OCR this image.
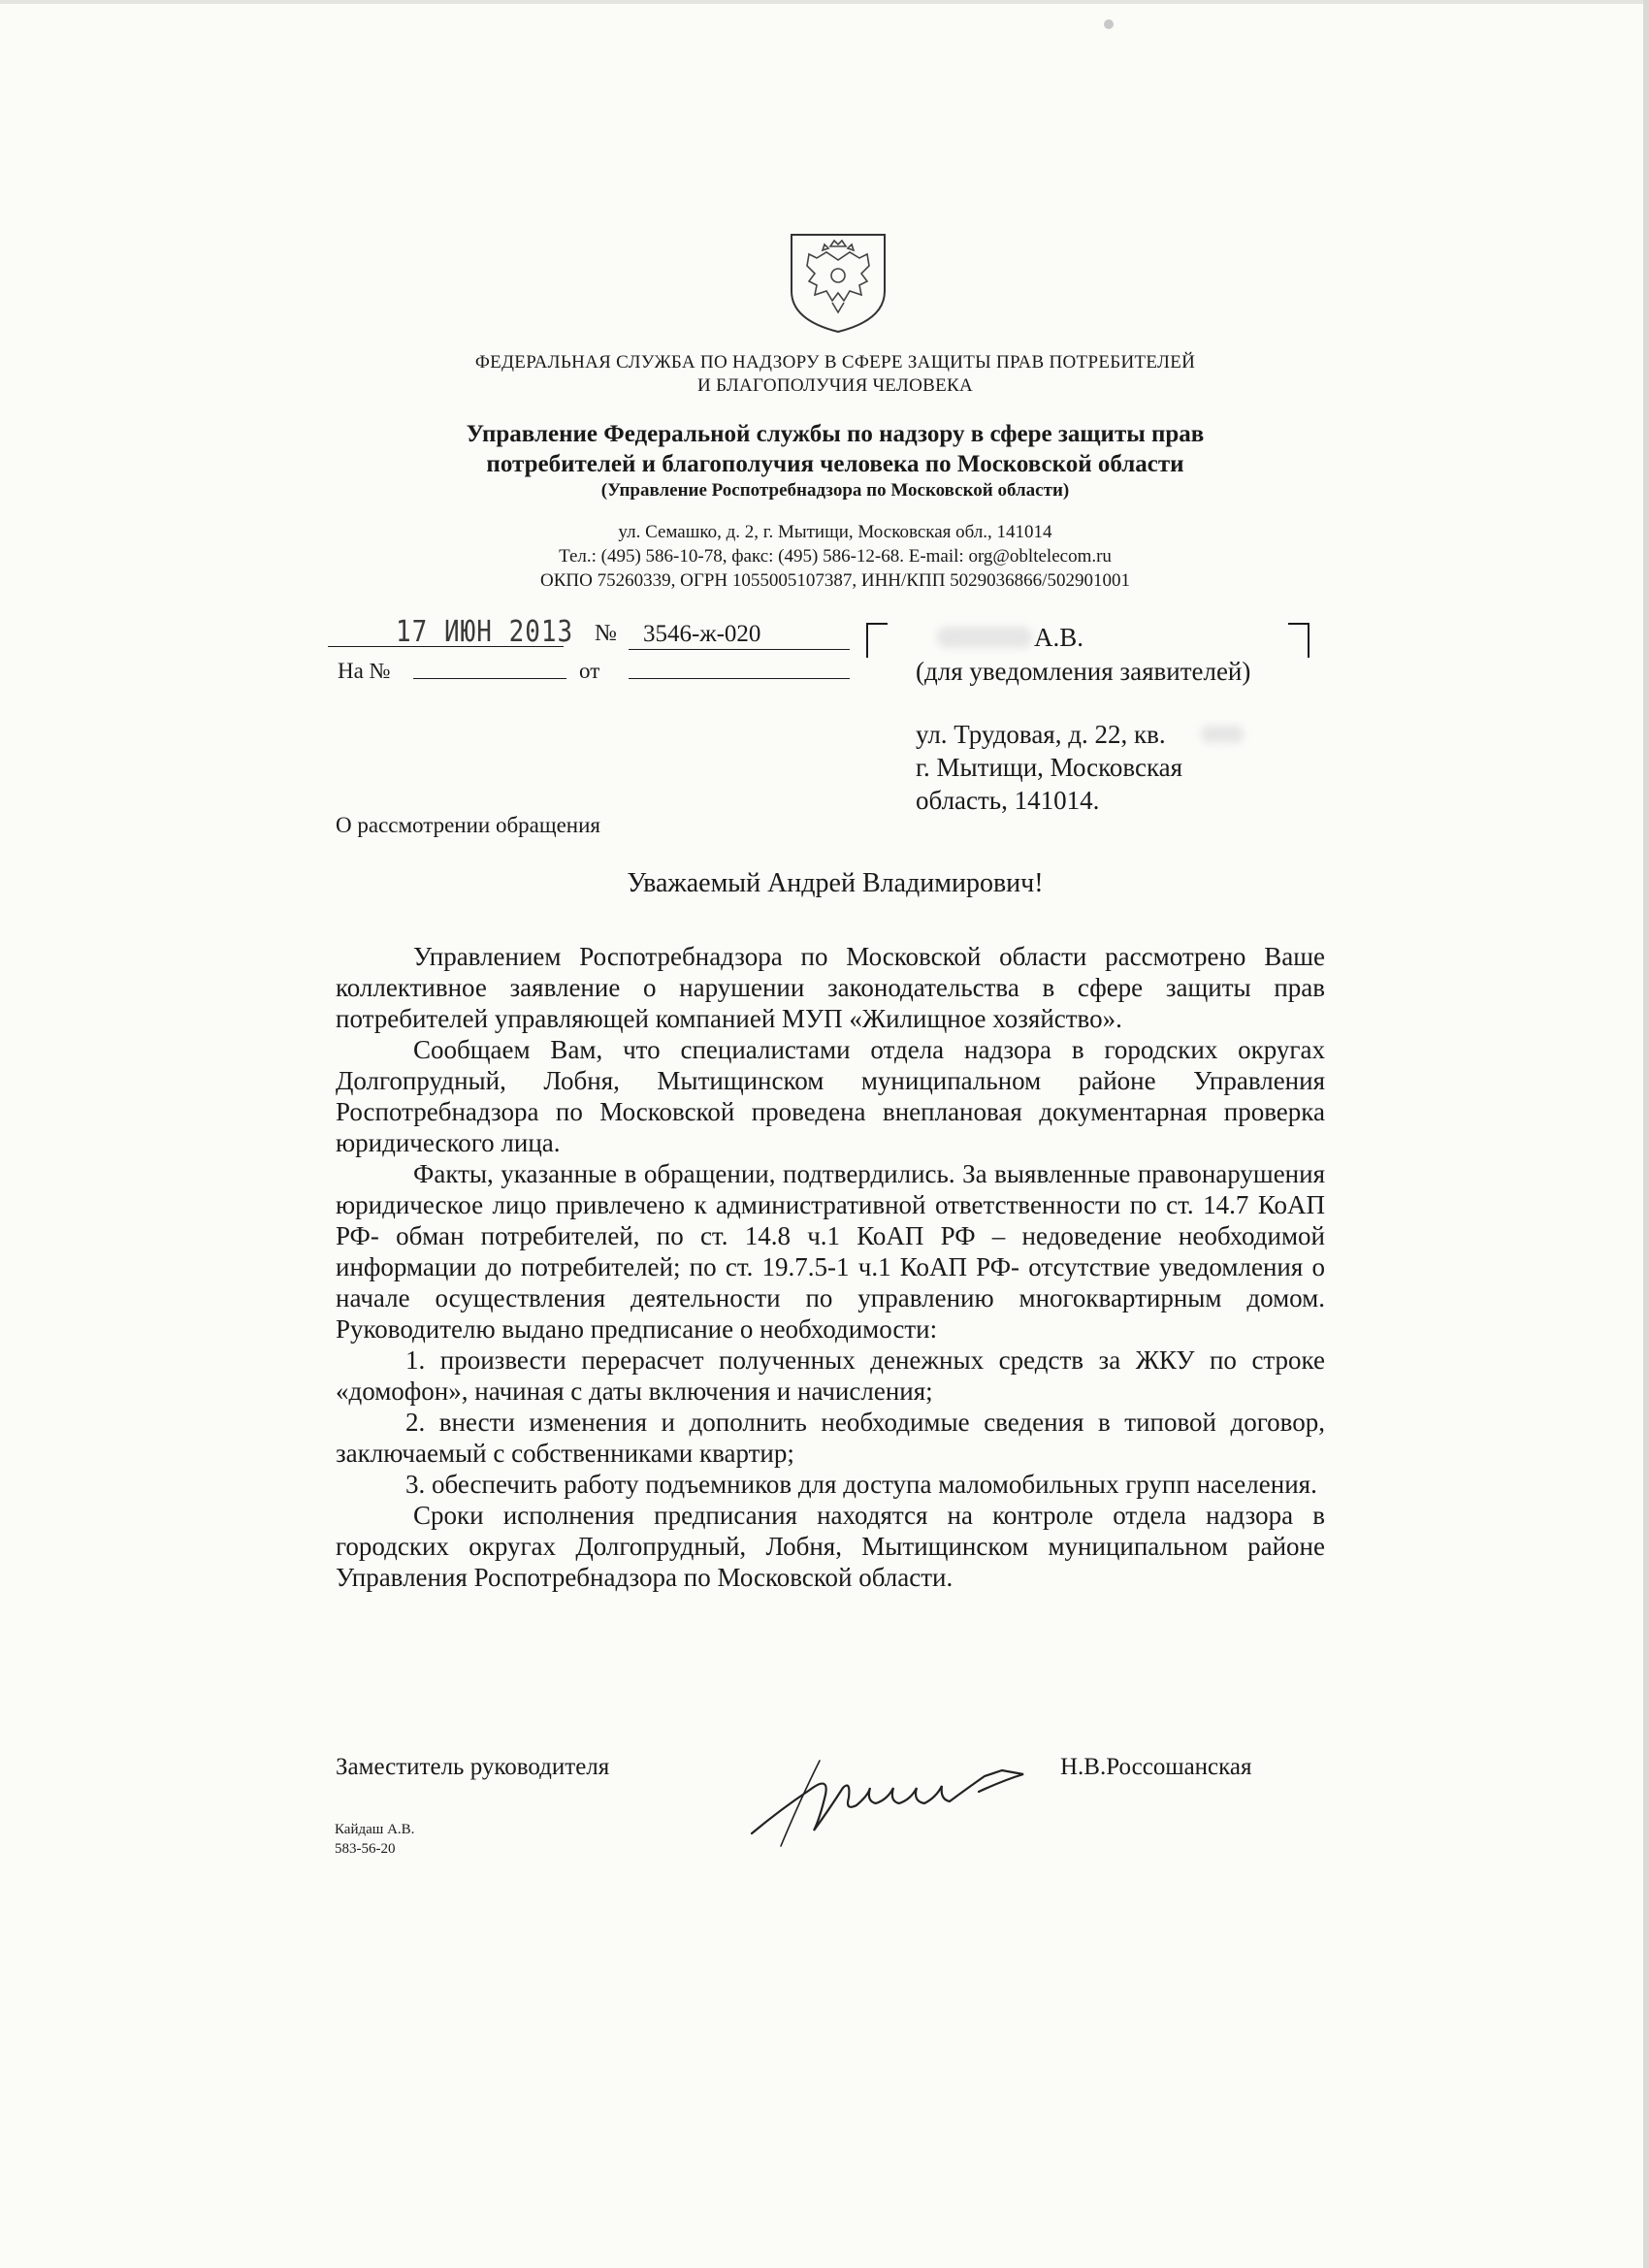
ФЕДЕРАЛЬНАЯ СЛУЖБА ПО НАДЗОРУ В СФЕРЕ ЗАЩИТЫ ПРАВ ПОТРЕБИТЕЛЕЙ
И БЛАГОПОЛУЧИЯ ЧЕЛОВЕКА
Управление Федеральной службы по надзору в сфере защиты прав
потребителей и благополучия человека по Московской области
(Управление Роспотребнадзора по Московской области)
ул. Семашко, д. 2, г. Мытищи, Московская обл., 141014
Тел.: (495) 586-10-78, факс: (495) 586-12-68. E-mail: org@obltelecom.ru
ОКПО 75260339, ОГРН 1055005107387, ИНН/КПП 5029036866/502901001
17 ИЮН 2013 № 3546-ж-020
На №	от
А.В.
(для уведомления заявителей)
ул. Трудовая, д. 22, кв.
г. Мытищи, Московская
область, 141014.
О рассмотрении обращения
Уважаемый Андрей Владимирович!

Управлением Роспотребнадзора по Московской области рассмотрено Ваше коллективное заявление о нарушении законодательства в сфере защиты прав потребителей управляющей компанией МУП «Жилищное хозяйство».

Сообщаем Вам, что специалистами отдела надзора в городских округах Долгопрудный, Лобня, Мытищинском муниципальном районе Управления Роспотребнадзора по Московской проведена внеплановая документарная проверка юридического лица.

Факты, указанные в обращении, подтвердились. За выявленные правонарушения юридическое лицо привлечено к административной ответственности по ст. 14.7 КоАП РФ- обман потребителей, по ст. 14.8 ч.1 КоАП РФ – недоведение необходимой информации до потребителей; по ст. 19.7.5-1 ч.1 КоАП РФ- отсутствие уведомления о начале осуществления деятельности по управлению многоквартирным домом. Руководителю выдано предписание о необходимости:

1. произвести перерасчет полученных денежных средств за ЖКУ по строке «домофон», начиная с даты включения и начисления;

2. внести изменения и дополнить необходимые сведения в типовой договор, заключаемый с собственниками квартир;

3. обеспечить работу подъемников для доступа маломобильных групп населения.

Сроки исполнения предписания находятся на контроле отдела надзора в городских округах Долгопрудный, Лобня, Мытищинском муниципальном районе Управления Роспотребнадзора по Московской области.

Заместитель руководителя	Н.В.Россошанская
Кайдаш А.В.
583-56-20
